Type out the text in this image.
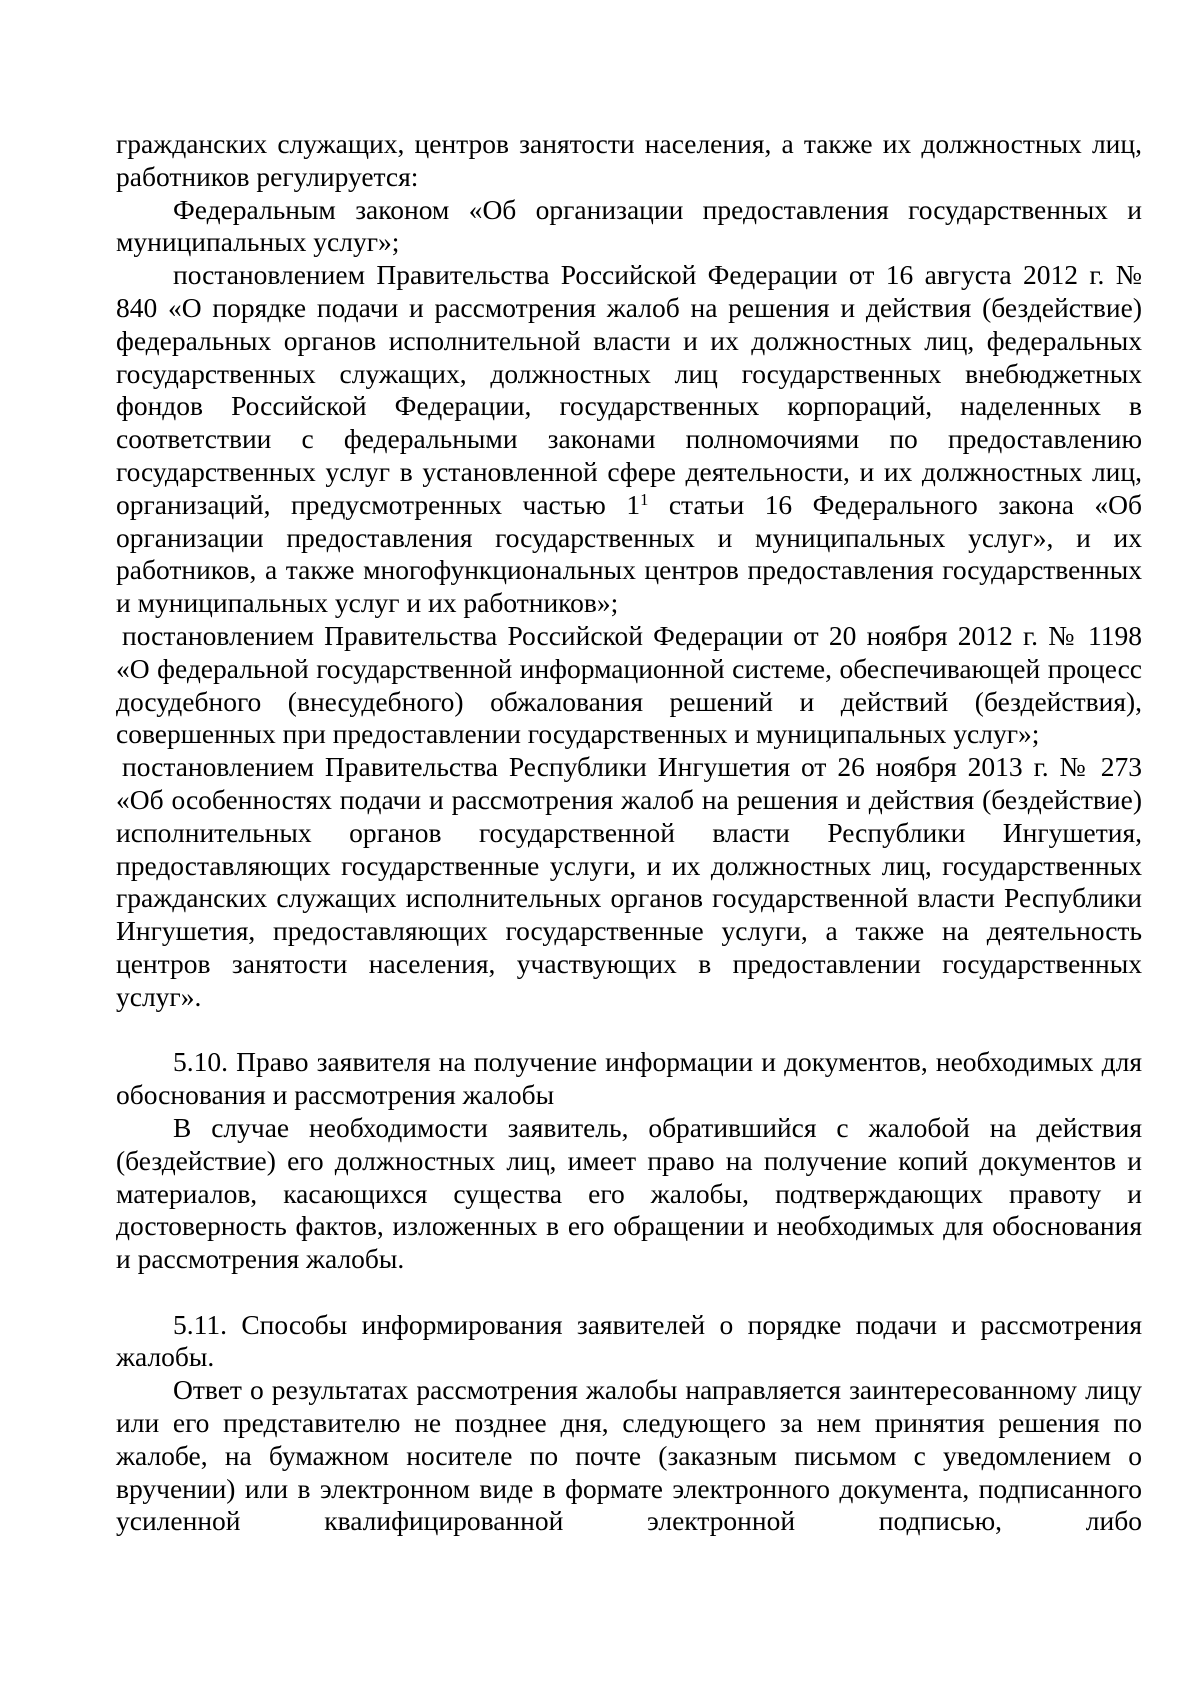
гражданских служащих, центров занятости населения, а также их должностных лиц, работников регулируется:

Федеральным законом «Об организации предоставления государственных и муниципальных услуг»;

постановлением Правительства Российской Федерации от 16 августа 2012 г. № 840 «О порядке подачи и рассмотрения жалоб на решения и действия (бездействие) федеральных органов исполнительной власти и их должностных лиц, федеральных государственных служащих, должностных лиц государственных внебюджетных фондов Российской Федерации, государственных корпораций, наделенных в соответствии с федеральными законами полномочиями по предоставлению государственных услуг в установленной сфере деятельности, и их должностных лиц, организаций, предусмотренных частью $1^1$ статьи 16 Федерального закона «Об организации предоставления государственных и муниципальных услуг», и их работников, а также многофункциональных центров предоставления государственных и муниципальных услуг и их работников»;

постановлением Правительства Российской Федерации от 20 ноября 2012 г. № 1198 «О федеральной государственной информационной системе, обеспечивающей процесс досудебного (внесудебного) обжалования решений и действий (бездействия), совершенных при предоставлении государственных и муниципальных услуг»;

постановлением Правительства Республики Ингушетия от 26 ноября 2013 г. № 273 «Об особенностях подачи и рассмотрения жалоб на решения и действия (бездействие) исполнительных органов государственной власти Республики Ингушетия, предоставляющих государственные услуги, и их должностных лиц, государственных гражданских служащих исполнительных органов государственной власти Республики Ингушетия, предоставляющих государственные услуги, а также на деятельность центров занятости населения, участвующих в предоставлении государственных услуг».

5.10. Право заявителя на получение информации и документов, необходимых для обоснования и рассмотрения жалобы

В случае необходимости заявитель, обратившийся с жалобой на действия (бездействие) его должностных лиц, имеет право на получение копий документов и материалов, касающихся существа его жалобы, подтверждающих правоту и достоверность фактов, изложенных в его обращении и необходимых для обоснования и рассмотрения жалобы.

5.11. Способы информирования заявителей о порядке подачи и рассмотрения жалобы.

Ответ о результатах рассмотрения жалобы направляется заинтересованному лицу или его представителю не позднее дня, следующего за нем принятия решения по жалобе, на бумажном носителе по почте (заказным письмом с уведомлением о вручении) или в электронном виде в формате электронного документа, подписанного усиленной квалифицированной электронной подписью, либо
